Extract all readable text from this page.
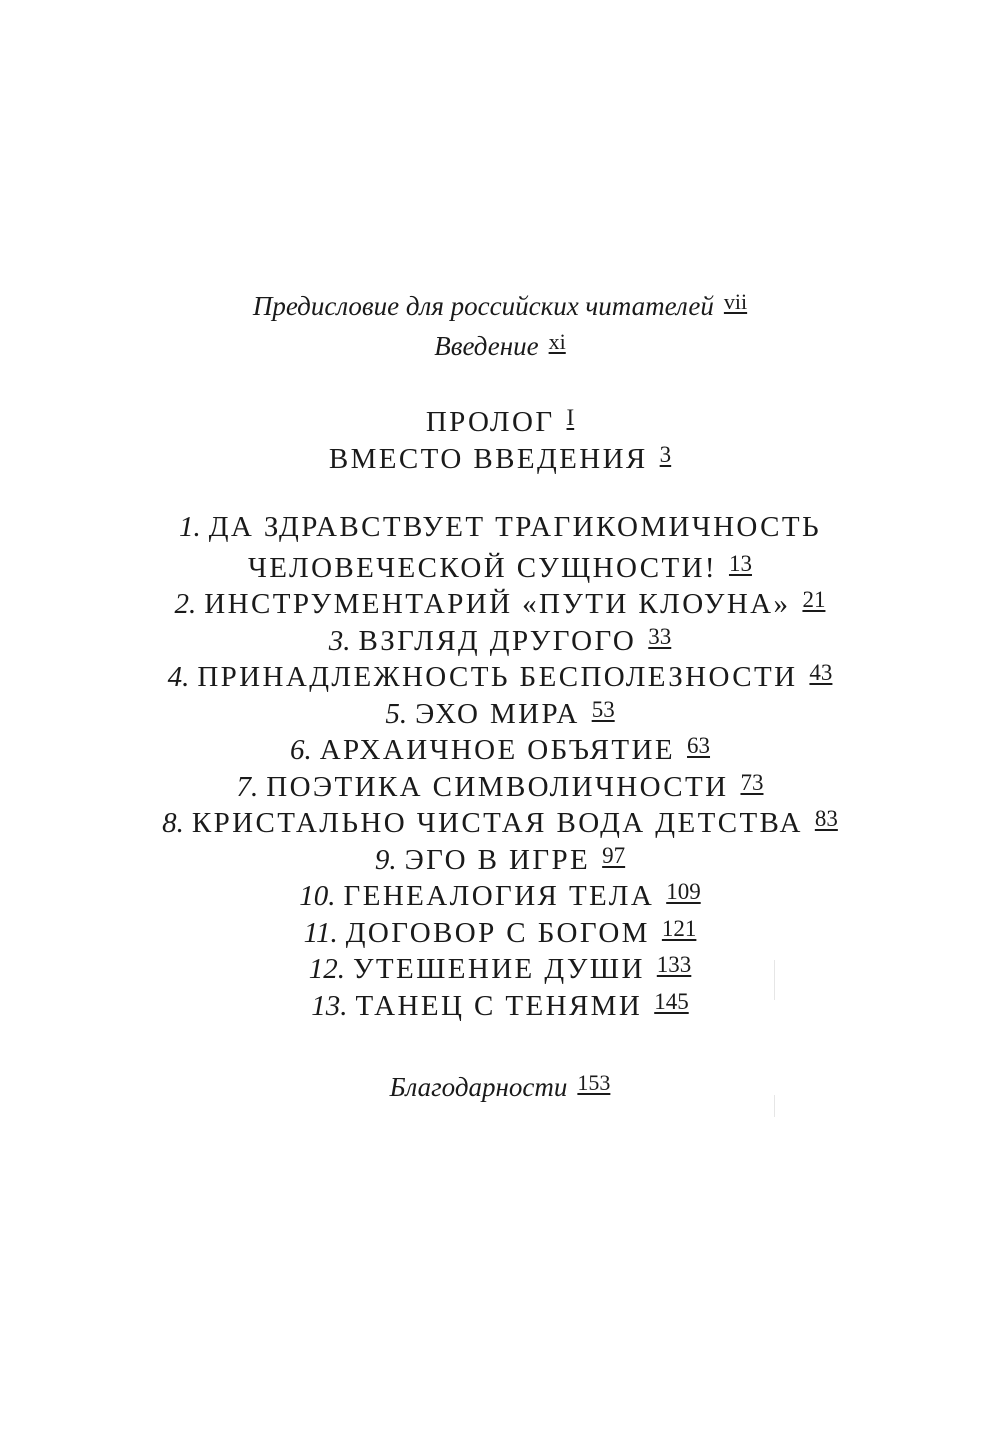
Предисловие для российских читателей $^{vii}$
Введение $^{xi}$
ПРОЛОГ $^I$
ВМЕСТО ВВЕДЕНИЯ $^3$
1. ДА ЗДРАВСТВУЕТ ТРАГИКОМИЧНОСТЬ
ЧЕЛОВЕЧЕСКОЙ СУЩНОСТИ! $^{13}$
2. ИНСТРУМЕНТАРИЙ «ПУТИ КЛОУНА» $^{21}$
3. ВЗГЛЯД ДРУГОГО $^{33}$
4. ПРИНАДЛЕЖНОСТЬ БЕСПОЛЕЗНОСТИ $^{43}$
5. ЭХО МИРА $^{53}$
6. АРХАИЧНОЕ ОБЪЯТИЕ $^{63}$
7. ПОЭТИКА СИМВОЛИЧНОСТИ $^{73}$
8. КРИСТАЛЬНО ЧИСТАЯ ВОДА ДЕТСТВА $^{83}$
9. ЭГО В ИГРЕ $^{97}$
10. ГЕНЕАЛОГИЯ ТЕЛА $^{109}$
11. ДОГОВОР С БОГОМ $^{121}$
12. УТЕШЕНИЕ ДУШИ $^{133}$
13. ТАНЕЦ С ТЕНЯМИ $^{145}$
Благодарности $^{153}$
